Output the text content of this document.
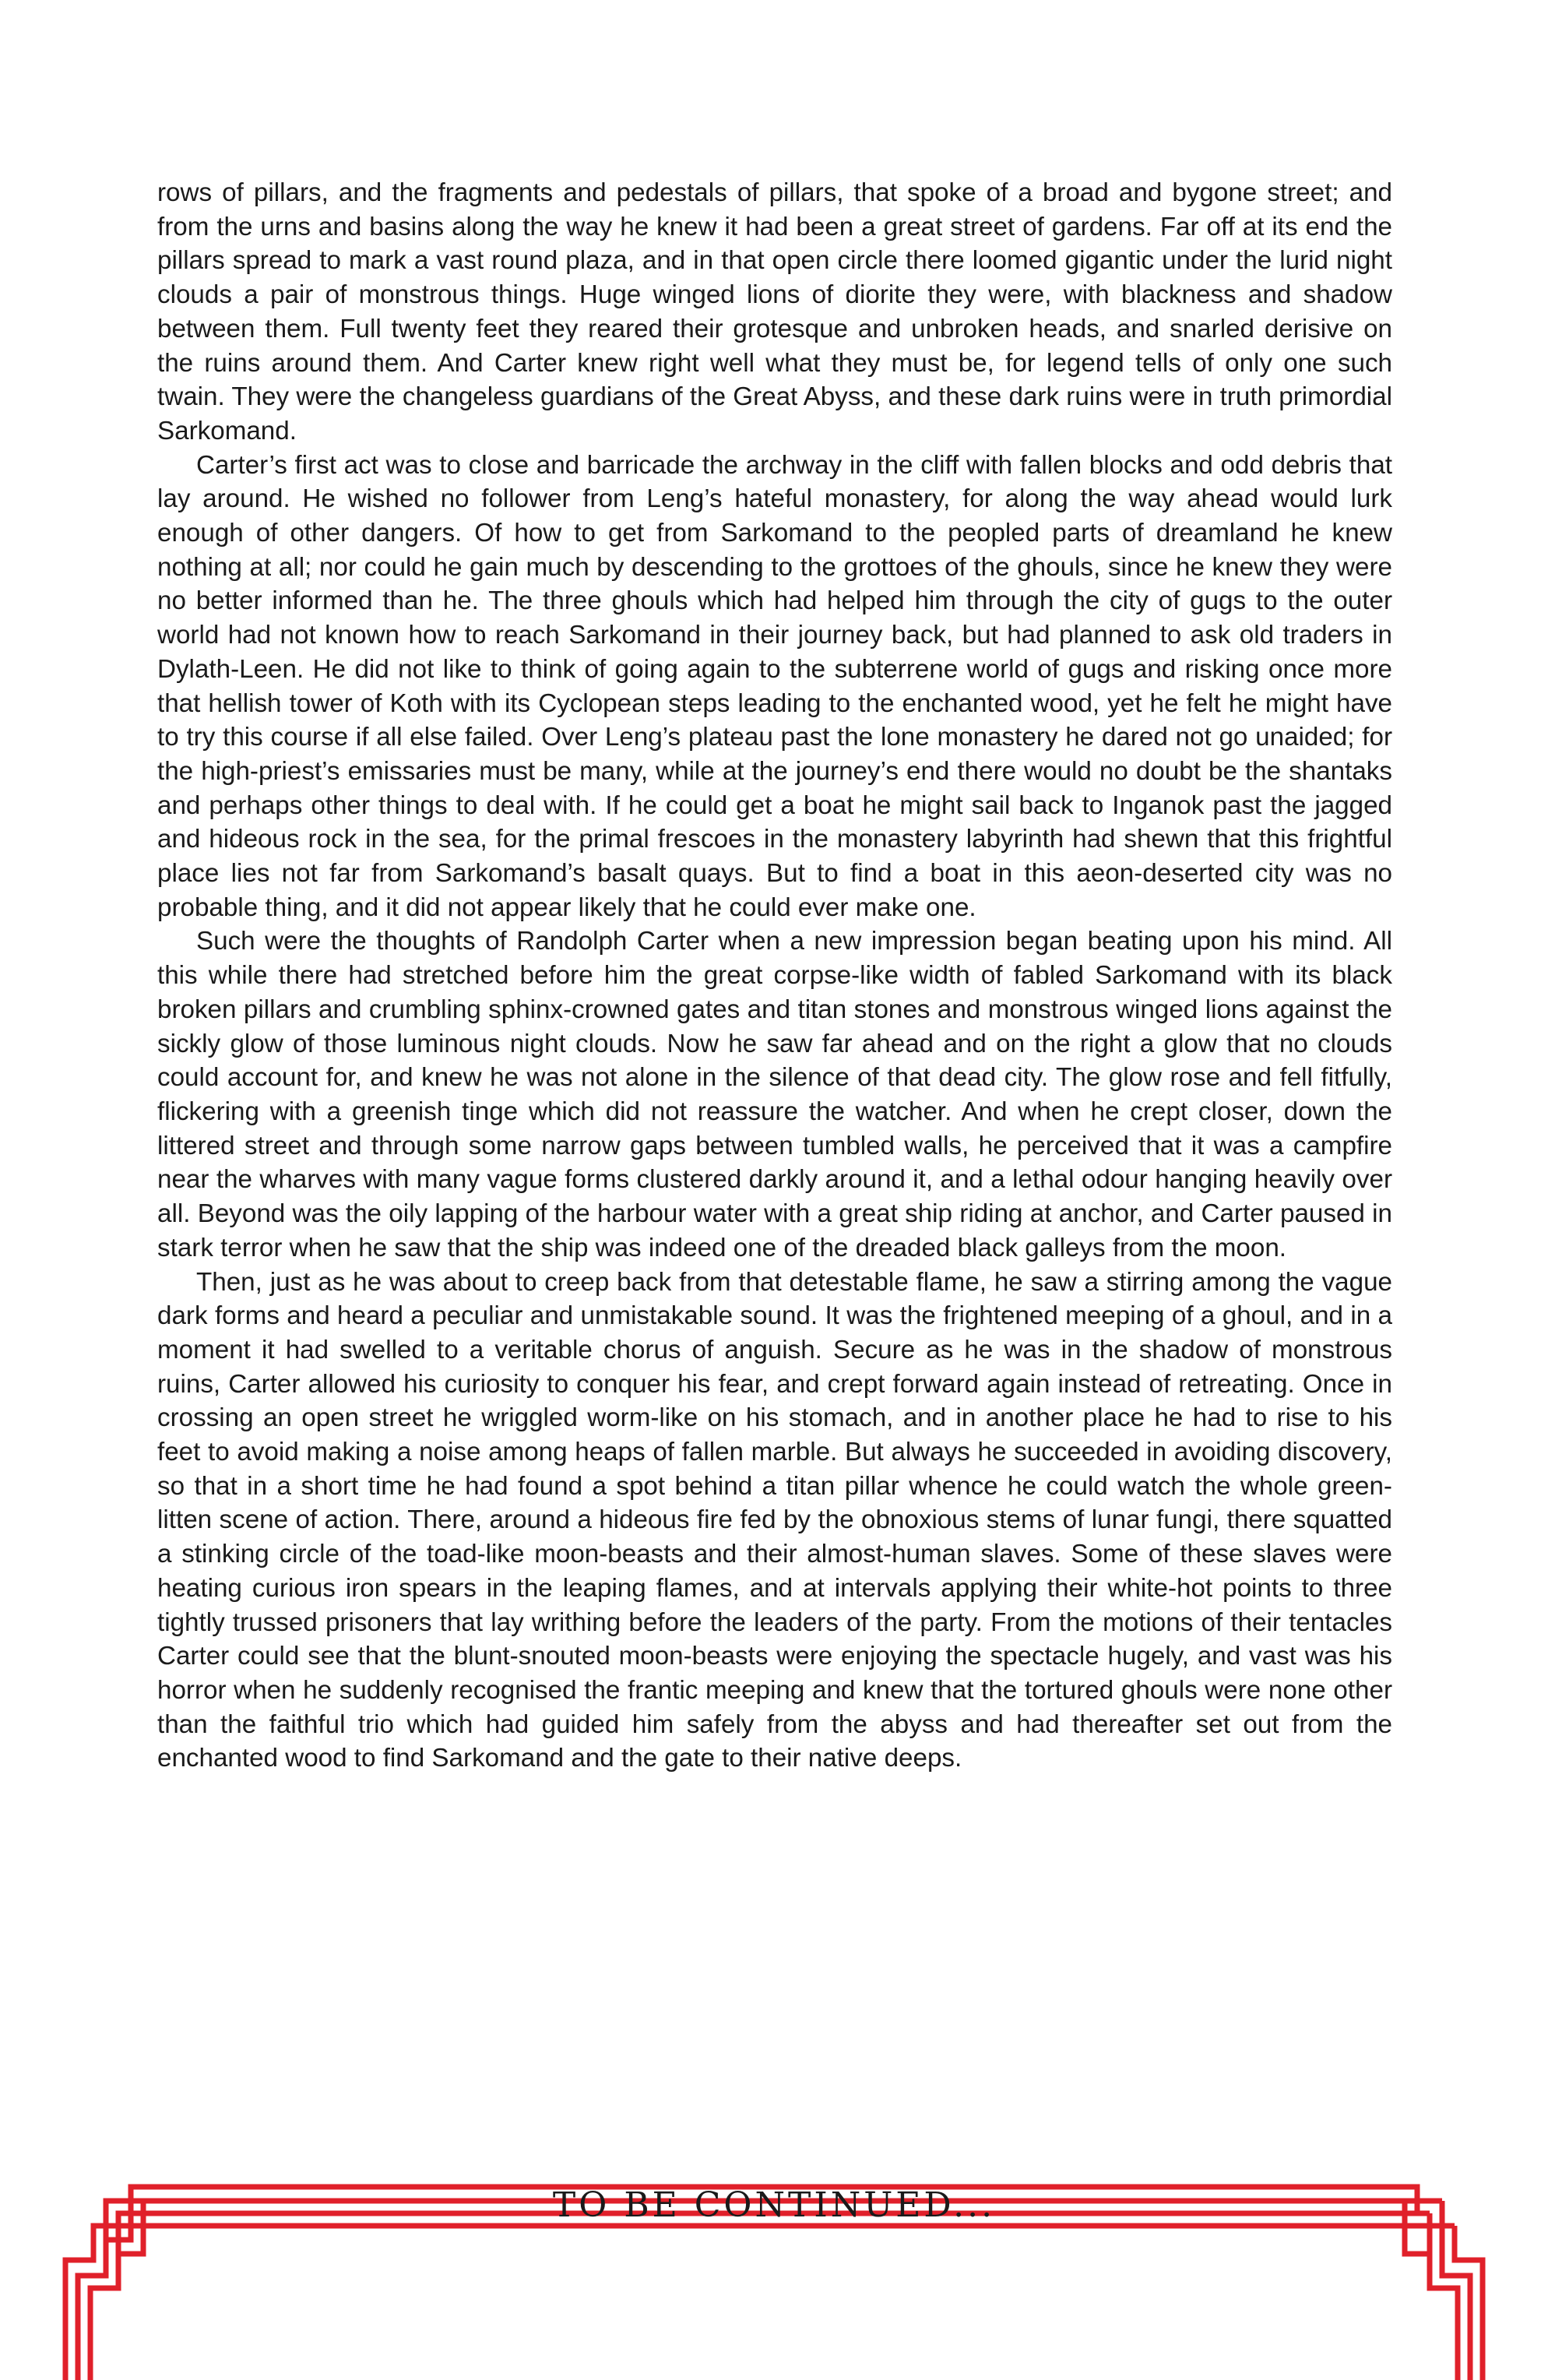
rows of pillars, and the fragments and pedestals of pillars, that spoke of a broad and bygone street; and from the urns and basins along the way he knew it had been a great street of gardens. Far off at its end the pillars spread to mark a vast round plaza, and in that open circle there loomed gigantic under the lurid night clouds a pair of monstrous things. Huge winged lions of diorite they were, with blackness and shadow between them. Full twenty feet they reared their grotesque and unbroken heads, and snarled derisive on the ruins around them. And Carter knew right well what they must be, for legend tells of only one such twain. They were the changeless guardians of the Great Abyss, and these dark ruins were in truth primordial Sarkomand.

Carter’s first act was to close and barricade the archway in the cliff with fallen blocks and odd debris that lay around. He wished no follower from Leng’s hateful monastery, for along the way ahead would lurk enough of other dangers. Of how to get from Sarkomand to the peopled parts of dreamland he knew nothing at all; nor could he gain much by descending to the grottoes of the ghouls, since he knew they were no better informed than he. The three ghouls which had helped him through the city of gugs to the outer world had not known how to reach Sarkomand in their journey back, but had planned to ask old traders in Dylath-Leen. He did not like to think of going again to the subterrene world of gugs and risking once more that hellish tower of Koth with its Cyclopean steps leading to the enchanted wood, yet he felt he might have to try this course if all else failed. Over Leng’s plateau past the lone monastery he dared not go unaided; for the high-priest’s emissaries must be many, while at the journey’s end there would no doubt be the shantaks and perhaps other things to deal with. If he could get a boat he might sail back to Inganok past the jagged and hideous rock in the sea, for the primal frescoes in the monastery labyrinth had shewn that this frightful place lies not far from Sarkomand’s basalt quays. But to find a boat in this aeon-deserted city was no probable thing, and it did not appear likely that he could ever make one.

Such were the thoughts of Randolph Carter when a new impression began beating upon his mind. All this while there had stretched before him the great corpse-like width of fabled Sarkomand with its black broken pillars and crumbling sphinx-crowned gates and titan stones and monstrous winged lions against the sickly glow of those luminous night clouds. Now he saw far ahead and on the right a glow that no clouds could account for, and knew he was not alone in the silence of that dead city. The glow rose and fell fitfully, flickering with a greenish tinge which did not reassure the watcher. And when he crept closer, down the littered street and through some narrow gaps between tumbled walls, he perceived that it was a campfire near the wharves with many vague forms clustered darkly around it, and a lethal odour hanging heavily over all. Beyond was the oily lapping of the harbour water with a great ship riding at anchor, and Carter paused in stark terror when he saw that the ship was indeed one of the dreaded black galleys from the moon.

Then, just as he was about to creep back from that detestable flame, he saw a stirring among the vague dark forms and heard a peculiar and unmistakable sound. It was the frightened meeping of a ghoul, and in a moment it had swelled to a veritable chorus of anguish. Secure as he was in the shadow of monstrous ruins, Carter allowed his curiosity to conquer his fear, and crept forward again instead of retreating. Once in crossing an open street he wriggled worm-like on his stomach, and in another place he had to rise to his feet to avoid making a noise among heaps of fallen marble. But always he succeeded in avoiding discovery, so that in a short time he had found a spot behind a titan pillar whence he could watch the whole green-litten scene of action. There, around a hideous fire fed by the obnoxious stems of lunar fungi, there squatted a stinking circle of the toad-like moon-beasts and their almost-human slaves. Some of these slaves were heating curious iron spears in the leaping flames, and at intervals applying their white-hot points to three tightly trussed prisoners that lay writhing before the leaders of the party. From the motions of their tentacles Carter could see that the blunt-snouted moon-beasts were enjoying the spectacle hugely, and vast was his horror when he suddenly recognised the frantic meeping and knew that the tortured ghouls were none other than the faithful trio which had guided him safely from the abyss and had thereafter set out from the enchanted wood to find Sarkomand and the gate to their native deeps.

TO BE CONTINUED...
